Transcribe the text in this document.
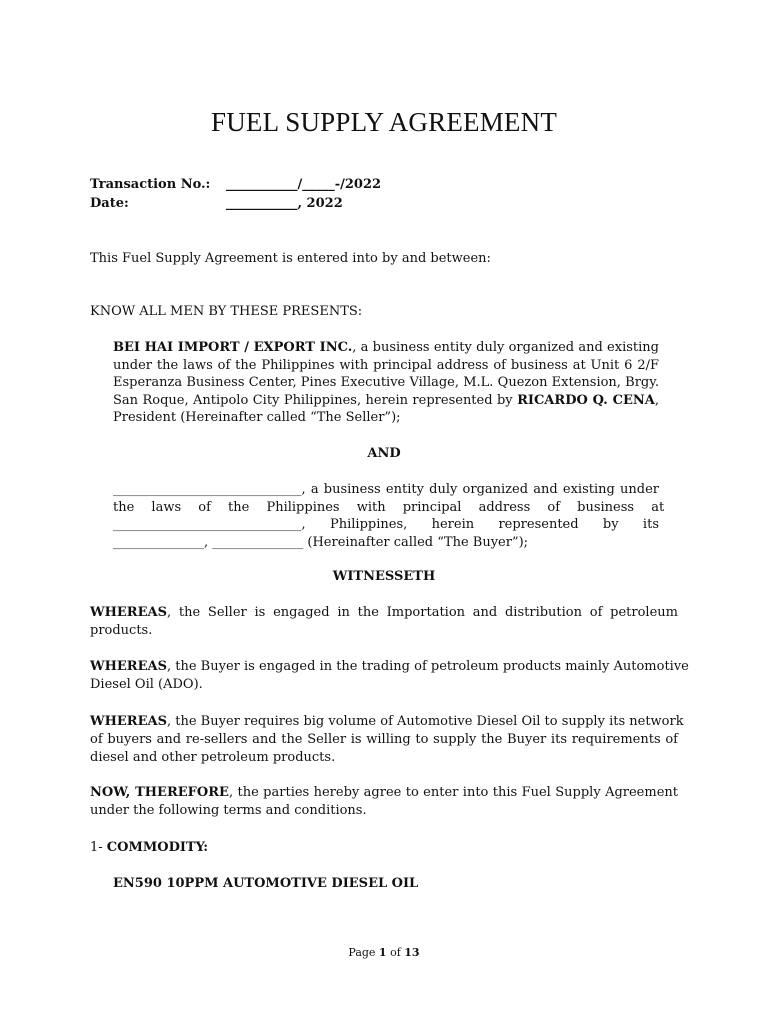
FUEL SUPPLY AGREEMENT
Transaction No.: ___________/_____-/2022
Date:	___________, 2022
This Fuel Supply Agreement is entered into by and between:
KNOW ALL MEN BY THESE PRESENTS:
BEI HAI IMPORT / EXPORT INC., a business entity duly organized and existing
under the laws of the Philippines with principal address of business at Unit 6 2/F
Esperanza Business Center, Pines Executive Village, M.L. Quezon Extension, Brgy.
San Roque, Antipolo City Philippines, herein represented by RICARDO Q. CENA,
President (Hereinafter called “The Seller”);
AND
_____________________________, a business entity duly organized and existing under
the laws of the Philippines with principal address of business at
_____________________________, Philippines, herein represented by its
______________, ______________ (Hereinafter called “The Buyer”);
WITNESSETH
WHEREAS, the Seller is engaged in the Importation and distribution of petroleum
products.
WHEREAS, the Buyer is engaged in the trading of petroleum products mainly Automotive
Diesel Oil (ADO).
WHEREAS, the Buyer requires big volume of Automotive Diesel Oil to supply its network
of buyers and re-sellers and the Seller is willing to supply the Buyer its requirements of
diesel and other petroleum products.
NOW, THEREFORE, the parties hereby agree to enter into this Fuel Supply Agreement
under the following terms and conditions.
1- COMMODITY:
EN590 10PPM AUTOMOTIVE DIESEL OIL
Page 1 of 13
